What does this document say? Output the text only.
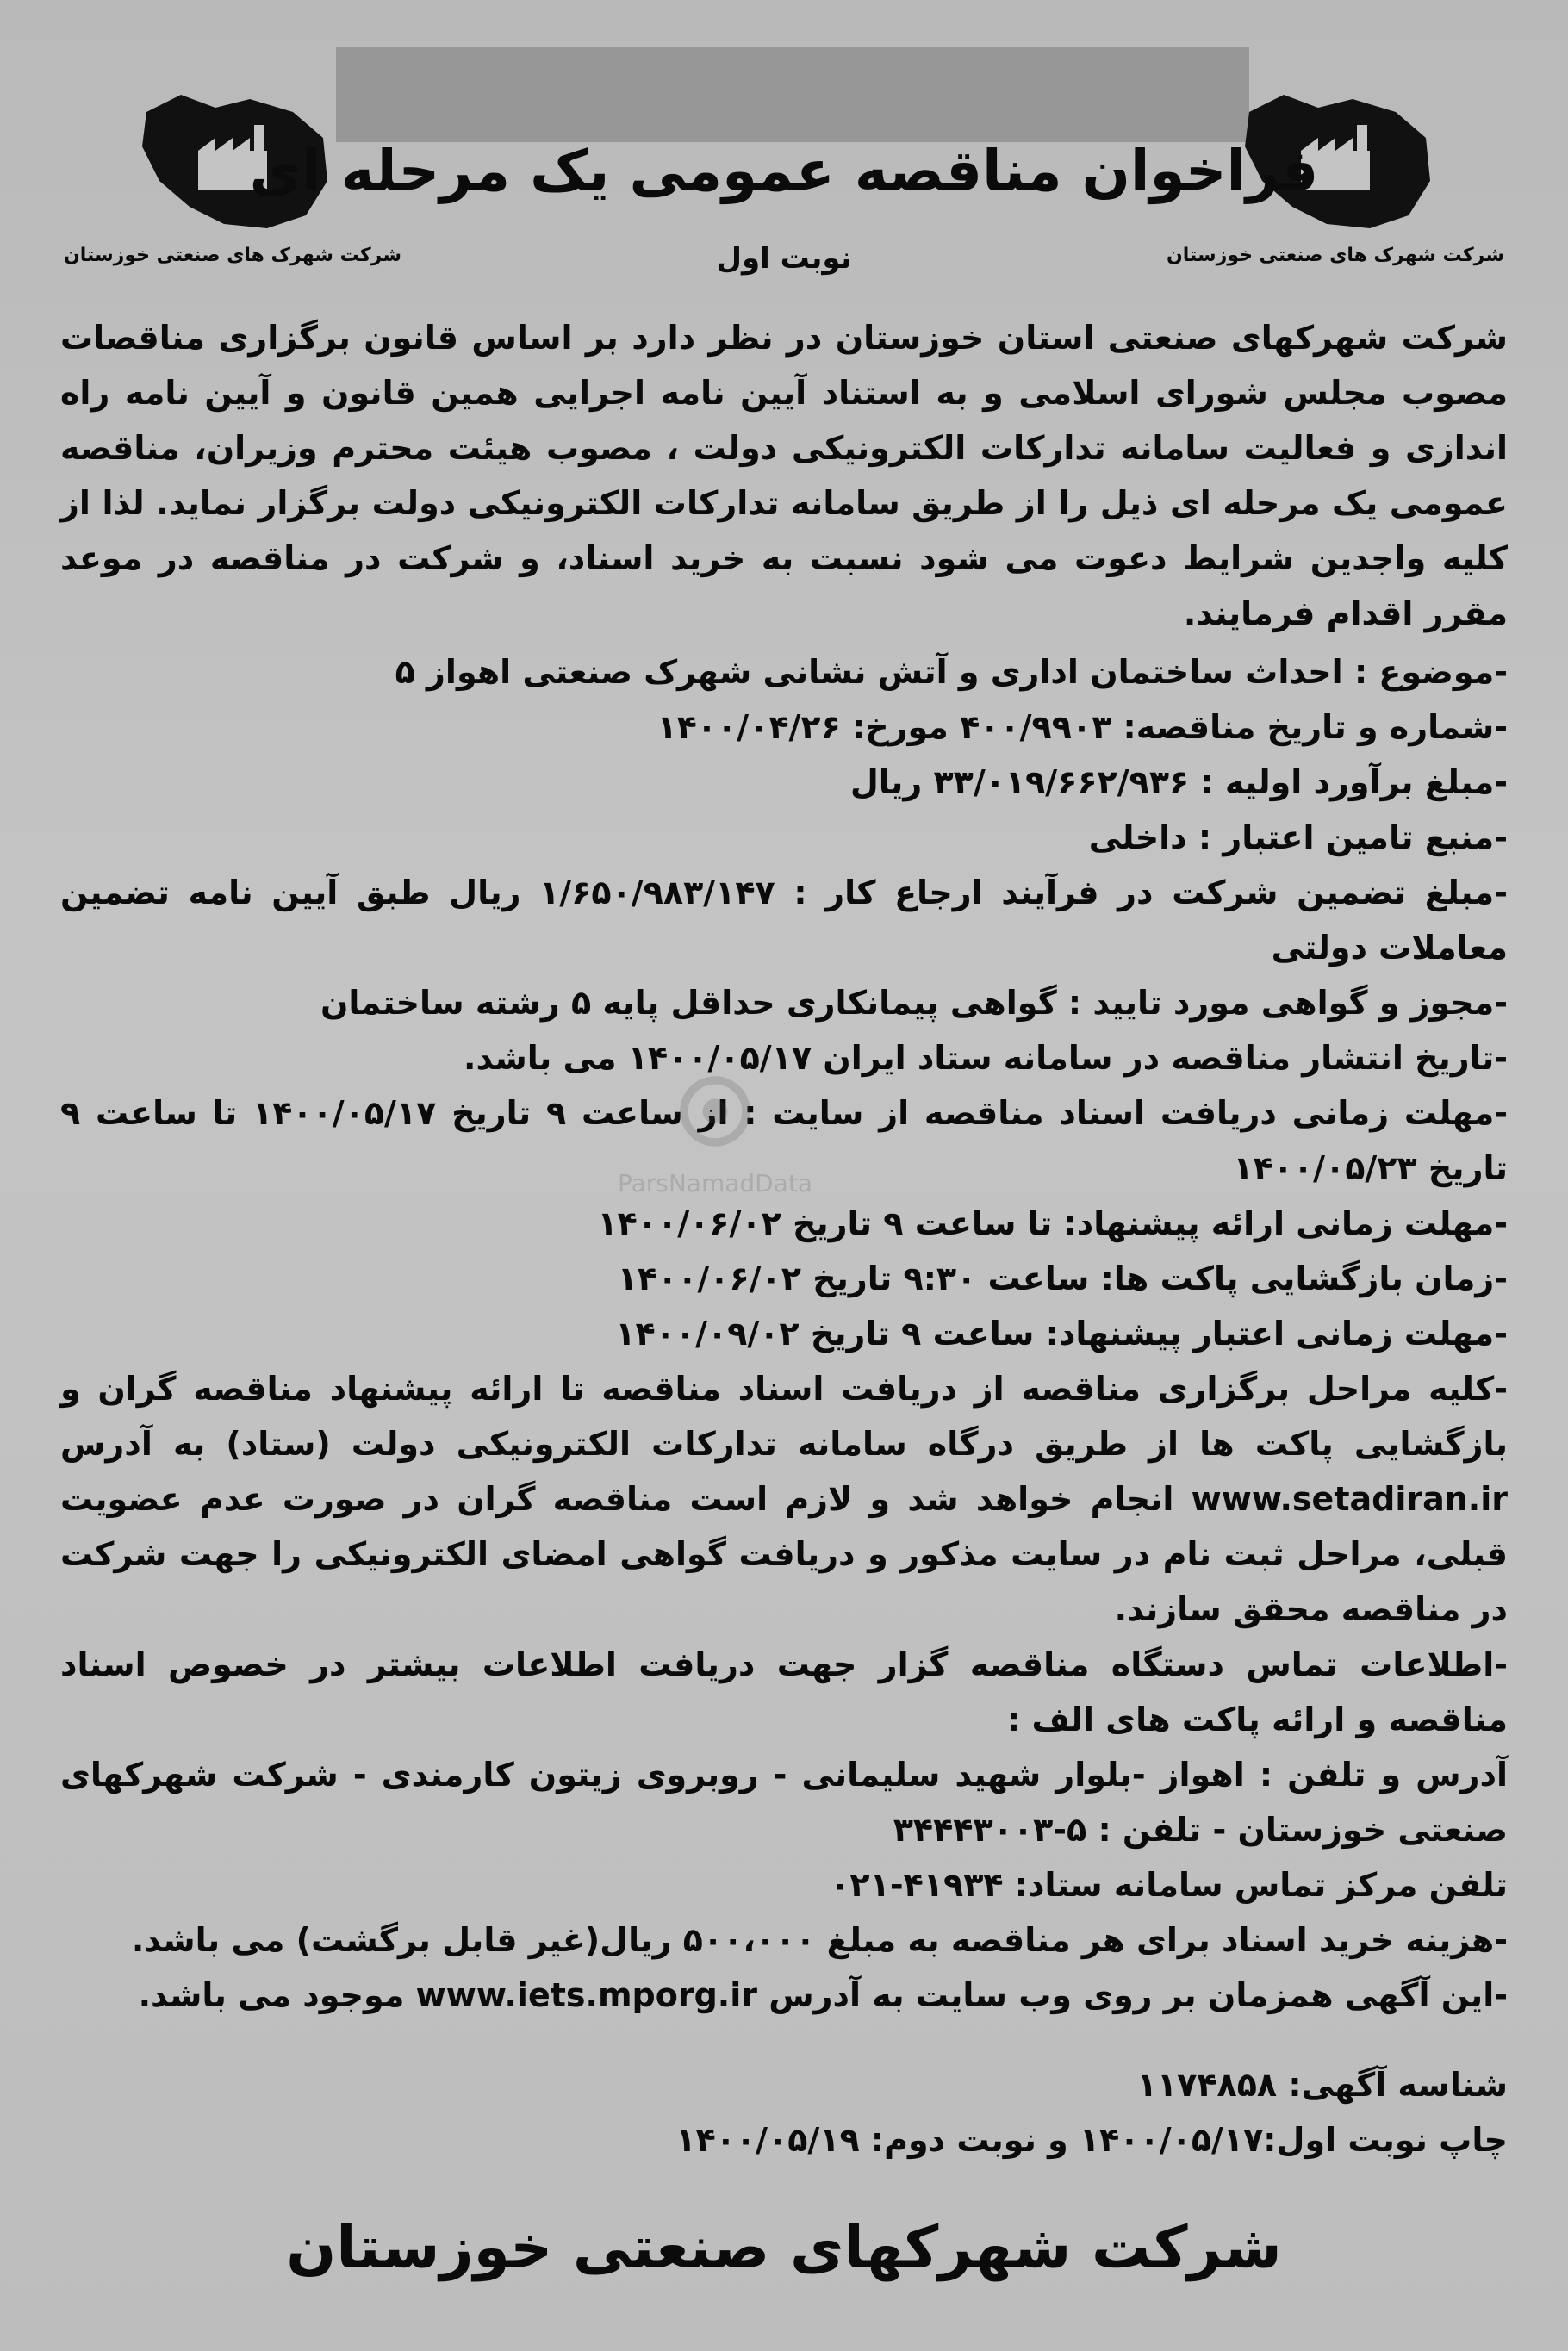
شرکت شهرک های صنعتی خوزستان	شرکت شهرک های صنعتی خوزستان
فراخوان مناقصه عمومی یک مرحله ای
نوبت اول

شرکت شهرکهای صنعتی استان خوزستان در نظر دارد بر اساس قانون برگزاری مناقصات مصوب مجلس شورای اسلامی و به استناد آیین نامه اجرایی همین قانون و آیین نامه راه اندازی و فعالیت سامانه تدارکات الکترونیکی دولت ، مصوب هیئت محترم وزیران، مناقصه عمومی یک مرحله ای ذیل را از طریق سامانه تدارکات الکترونیکی دولت برگزار نماید. لذا از کلیه واجدین شرایط دعوت می شود نسبت به خرید اسناد، و شرکت در مناقصه در موعد مقرر اقدام فرمایند.

-موضوع : احداث ساختمان اداری و آتش نشانی شهرک صنعتی اهواز ۵

-شماره و تاریخ مناقصه: ۴۰۰/۹۹۰۳ مورخ: ۱۴۰۰/۰۴/۲۶

-مبلغ برآورد اولیه : ۳۳/۰۱۹/۶۶۲/۹۳۶ ریال

-منبع تامین اعتبار : داخلی

-مبلغ تضمین شرکت در فرآیند ارجاع کار : ۱/۶۵۰/۹۸۳/۱۴۷ ریال طبق آیین نامه تضمین معاملات دولتی

-مجوز و گواهی مورد تایید : گواهی پیمانکاری حداقل پایه ۵ رشته ساختمان

-تاریخ انتشار مناقصه در سامانه ستاد ایران ۱۴۰۰/۰۵/۱۷ می باشد.

-مهلت زمانی دریافت اسناد مناقصه از سایت : از ساعت ۹ تاریخ ۱۴۰۰/۰۵/۱۷ تا ساعت ۹ تاریخ ۱۴۰۰/۰۵/۲۳

-مهلت زمانی ارائه پیشنهاد: تا ساعت ۹ تاریخ ۱۴۰۰/۰۶/۰۲

-زمان بازگشایی پاکت ها: ساعت ۹:۳۰ تاریخ ۱۴۰۰/۰۶/۰۲

-مهلت زمانی اعتبار پیشنهاد: ساعت ۹ تاریخ ۱۴۰۰/۰۹/۰۲

-کلیه مراحل برگزاری مناقصه از دریافت اسناد مناقصه تا ارائه پیشنهاد مناقصه گران و بازگشایی پاکت ها از طریق درگاه سامانه تدارکات الکترونیکی دولت (ستاد) به آدرس www.setadiran.ir انجام خواهد شد و لازم است مناقصه گران در صورت عدم عضویت قبلی، مراحل ثبت نام در سایت مذکور و دریافت گواهی امضای الکترونیکی را جهت شرکت در مناقصه محقق سازند.

-اطلاعات تماس دستگاه مناقصه گزار جهت دریافت اطلاعات بیشتر در خصوص اسناد مناقصه و ارائه پاکت های الف :

آدرس و تلفن : اهواز -بلوار شهید سلیمانی - روبروی زیتون کارمندی - شرکت شهرکهای صنعتی خوزستان - تلفن : ۵-۳۴۴۴۳۰۰۳

تلفن مرکز تماس سامانه ستاد: ۴۱۹۳۴-۰۲۱

-هزینه خرید اسناد برای هر مناقصه به مبلغ ۵۰۰،۰۰۰ ریال(غیر قابل برگشت) می باشد.

-این آگهی همزمان بر روی وب سایت به آدرس www.iets.mporg.ir موجود می باشد.

شناسه آگهی: ۱۱۷۴۸۵۸

چاپ نوبت اول:۱۴۰۰/۰۵/۱۷ و نوبت دوم: ۱۴۰۰/۰۵/۱۹

ParsNamadData
شرکت شهرکهای صنعتی خوزستان
